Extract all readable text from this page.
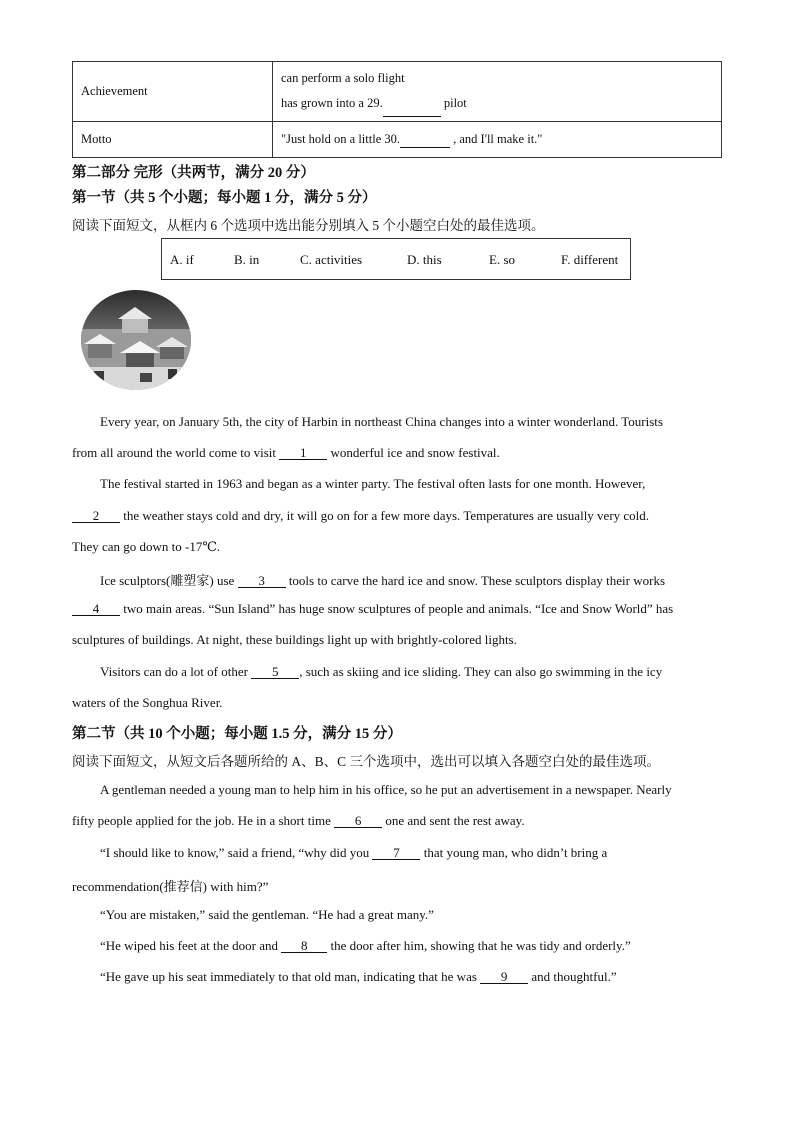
Achievement	can perform a solo flight
has grown into a 29. pilot

Motto	"Just hold on a little 30. , and I'll make it."
第二部分 完形（共两节，满分 20 分）
第一节（共 5 个小题；每小题 1 分，满分 5 分）
阅读下面短文，从框内 6 个选项中选出能分别填入 5 个小题空白处的最佳选项。
A. if	B. in	C. activities	D. this	E. so	F. different
Every year, on January 5th, the city of Harbin in northeast China changes into a winter wonderland. Tourists
from all around the world come to visit 1 wonderful ice and snow festival.
The festival started in 1963 and began as a winter party. The festival often lasts for one month. However,
2 the weather stays cold and dry, it will go on for a few more days. Temperatures are usually very cold.
They can go down to -17℃.
Ice sculptors(雕塑家) use 3 tools to carve the hard ice and snow. These sculptors display their works
4 two main areas. “Sun Island” has huge snow sculptures of people and animals. “Ice and Snow World” has
sculptures of buildings. At night, these buildings light up with brightly-colored lights.
Visitors can do a lot of other 5 , such as skiing and ice sliding. They can also go swimming in the icy
waters of the Songhua River.
第二节（共 10 个小题；每小题 1.5 分，满分 15 分）
阅读下面短文，从短文后各题所给的 A、B、C 三个选项中，选出可以填入各题空白处的最佳选项。
A gentleman needed a young man to help him in his office, so he put an advertisement in a newspaper. Nearly
fifty people applied for the job. He in a short time 6 one and sent the rest away.
“I should like to know,” said a friend, “why did you 7 that young man, who didn’t bring a
recommendation(推荐信) with him?”
“You are mistaken,” said the gentleman. “He had a great many.”
“He wiped his feet at the door and 8 the door after him, showing that he was tidy and orderly.”
“He gave up his seat immediately to that old man, indicating that he was 9 and thoughtful.”
